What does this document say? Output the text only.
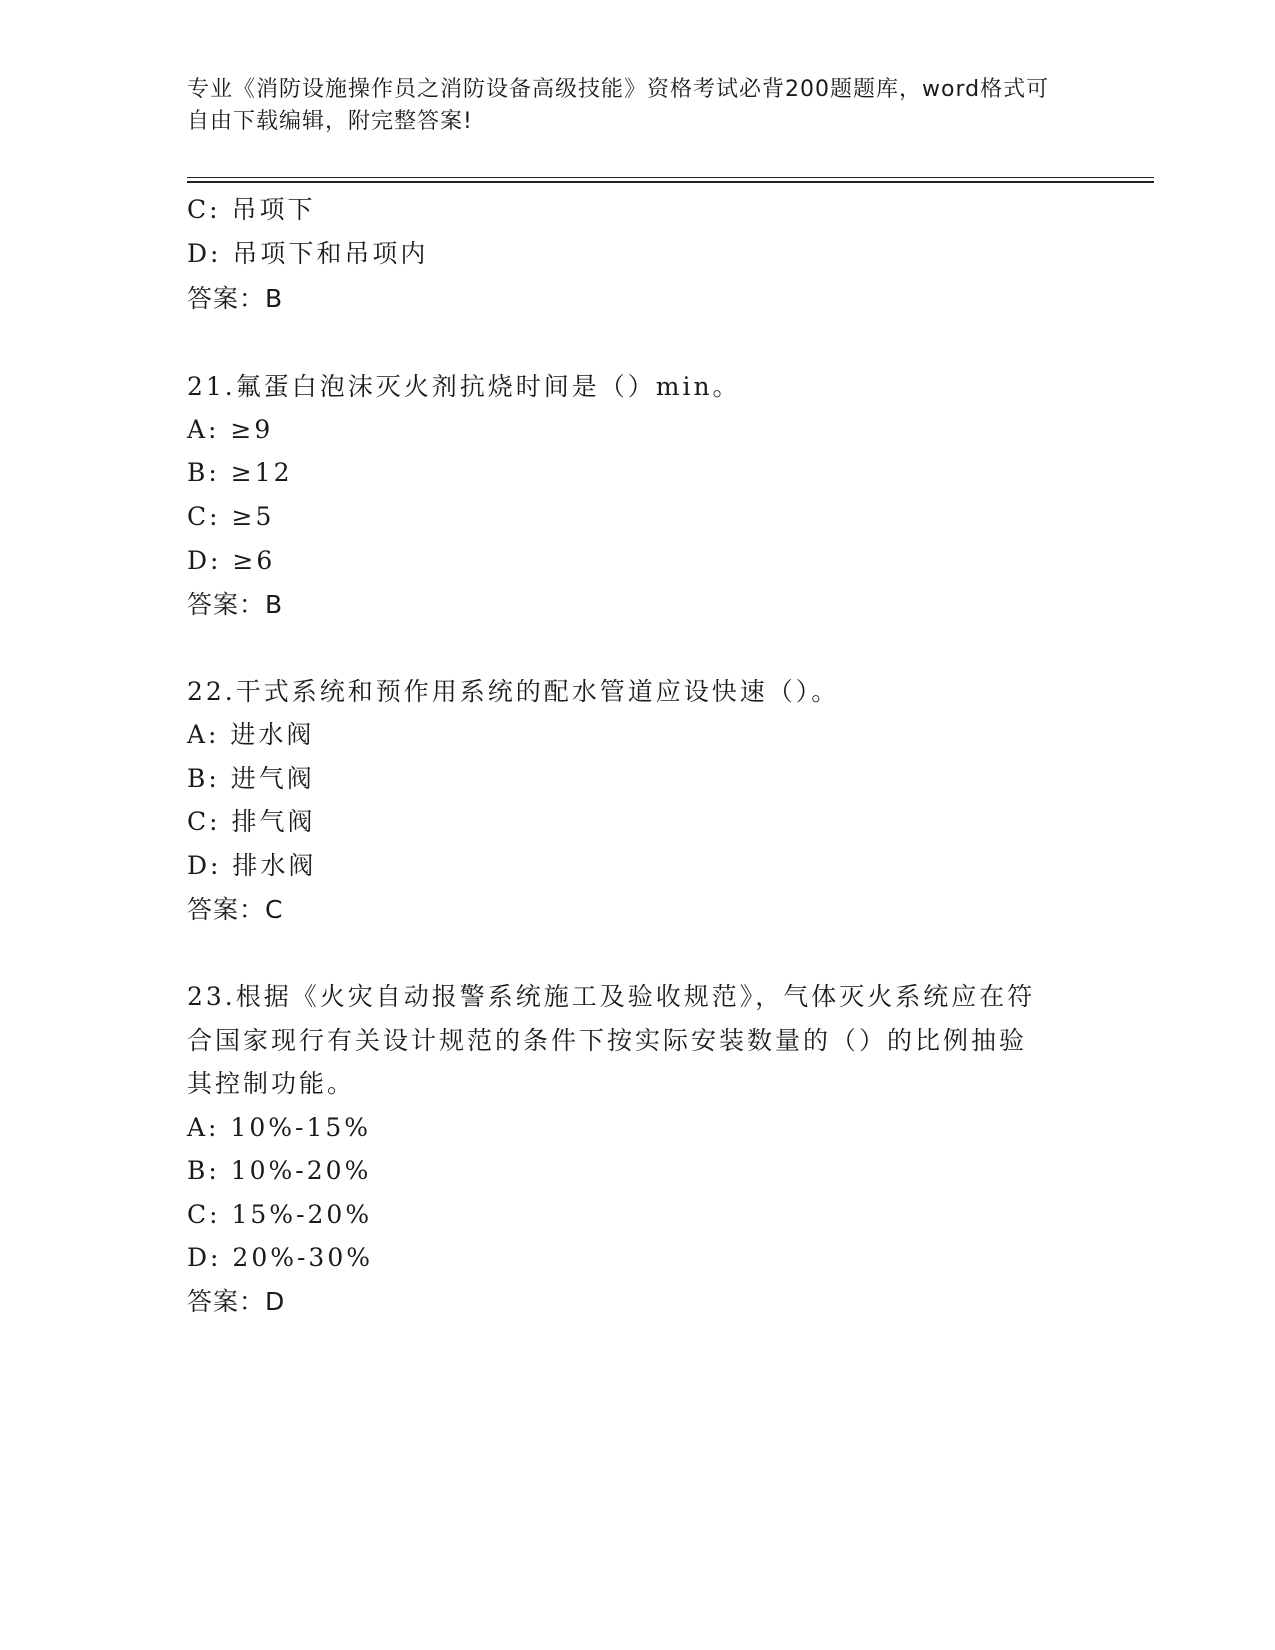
专业《消防设施操作员之消防设备高级技能》资格考试必背200题题库，word格式可自由下载编辑，附完整答案!
C: 吊项下
D: 吊项下和吊项内
答案：B
21.氟蛋白泡沫灭火剂抗烧时间是（）min。
A: ≥9
B: ≥12
C: ≥5
D: ≥6
答案：B
22.干式系统和预作用系统的配水管道应设快速（）。
A: 进水阀
B: 进气阀
C: 排气阀
D: 排水阀
答案：C
23.根据《火灾自动报警系统施工及验收规范》，气体灭火系统应在符
合国家现行有关设计规范的条件下按实际安装数量的（）的比例抽验
其控制功能。
A: 10%-15%
B: 10%-20%
C: 15%-20%
D: 20%-30%
答案：D
